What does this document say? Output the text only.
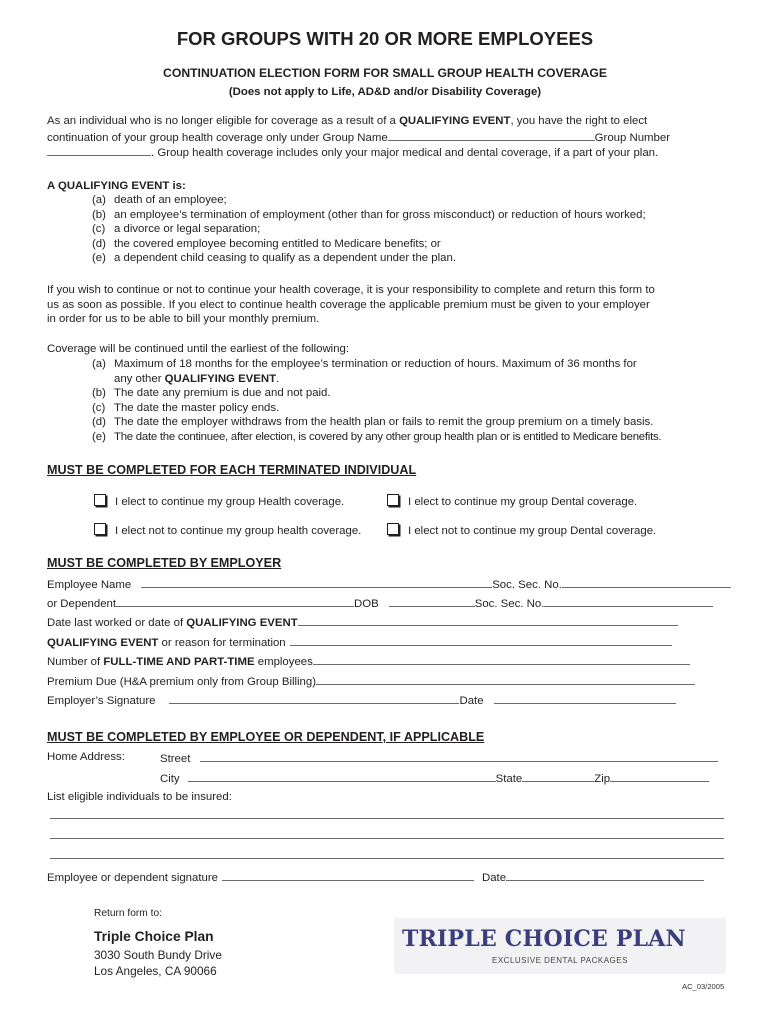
FOR GROUPS WITH 20 OR MORE EMPLOYEES
CONTINUATION ELECTION FORM FOR SMALL GROUP HEALTH COVERAGE
(Does not apply to Life, AD&D and/or Disability Coverage)
As an individual who is no longer eligible for coverage as a result of a QUALIFYING EVENT, you have the right to elect
continuation of your group health coverage only under Group Name	Group Number
. Group health coverage includes only your major medical and dental coverage, if a part of your plan.
A QUALIFYING EVENT is:
(a) death of an employee;
(b) an employee’s termination of employment (other than for gross misconduct) or reduction of hours worked;
(c) a divorce or legal separation;
(d) the covered employee becoming entitled to Medicare benefits; or
(e) a dependent child ceasing to qualify as a dependent under the plan.
If you wish to continue or not to continue your health coverage, it is your responsibility to complete and return this form to
us as soon as possible. If you elect to continue health coverage the applicable premium must be given to your employer
in order for us to be able to bill your monthly premium.
Coverage will be continued until the earliest of the following:
(a) Maximum of 18 months for the employee’s termination or reduction of hours. Maximum of 36 months for
any other QUALIFYING EVENT.
(b) The date any premium is due and not paid.
(c) The date the master policy ends.
(d) The date the employer withdraws from the health plan or fails to remit the group premium on a timely basis.
(e) The date the continuee, after election, is covered by any other group health plan or is entitled to Medicare benefits.
MUST BE COMPLETED FOR EACH TERMINATED INDIVIDUAL
I elect to continue my group Health coverage.	I elect to continue my group Dental coverage.
I elect not to continue my group health coverage.	I elect not to continue my group Dental coverage.
MUST BE COMPLETED BY EMPLOYER
Employee Name	Soc. Sec. No.
or Dependent	DOB	Soc. Sec. No.
Date last worked or date of QUALIFYING EVENT
QUALIFYING EVENT or reason for termination
Number of FULL-TIME AND PART-TIME employees
Premium Due (H&A premium only from Group Billing)
Employer’s Signature	Date
MUST BE COMPLETED BY EMPLOYEE OR DEPENDENT, IF APPLICABLE
Home Address:	Street
City	State	Zip
List eligible individuals to be insured:
Employee or dependent signature	Date
Return form to:
Triple Choice Plan
3030 South Bundy Drive
Los Angeles, CA 90066
TRIPLE CHOICE PLAN
EXCLUSIVE DENTAL PACKAGES
AC_03/2005
